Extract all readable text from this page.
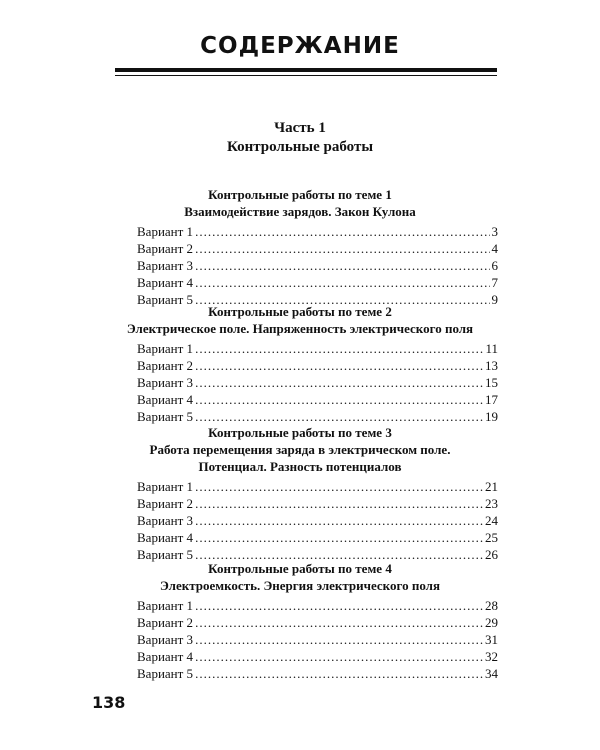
СОДЕРЖАНИЕ
Часть 1
Контрольные работы
Контрольные работы по теме 1
Взаимодействие зарядов. Закон Кулона
Вариант 1 .....	3
Вариант 2 .....	4
Вариант 3 .....	6
Вариант 4 .....	7
Вариант 5 .....	9
Контрольные работы по теме 2
Электрическое поле. Напряженность электрического поля
Вариант 1 .....	11
Вариант 2 .....	13
Вариант 3 .....	15
Вариант 4 .....	17
Вариант 5 .....	19
Контрольные работы по теме 3
Работа перемещения заряда в электрическом поле.
Потенциал. Разность потенциалов
Вариант 1 .....	21
Вариант 2 .....	23
Вариант 3 .....	24
Вариант 4 .....	25
Вариант 5 .....	26
Контрольные работы по теме 4
Электроемкость. Энергия электрического поля
Вариант 1 .....	28
Вариант 2 .....	29
Вариант 3 .....	31
Вариант 4 .....	32
Вариант 5 .....	34
138
